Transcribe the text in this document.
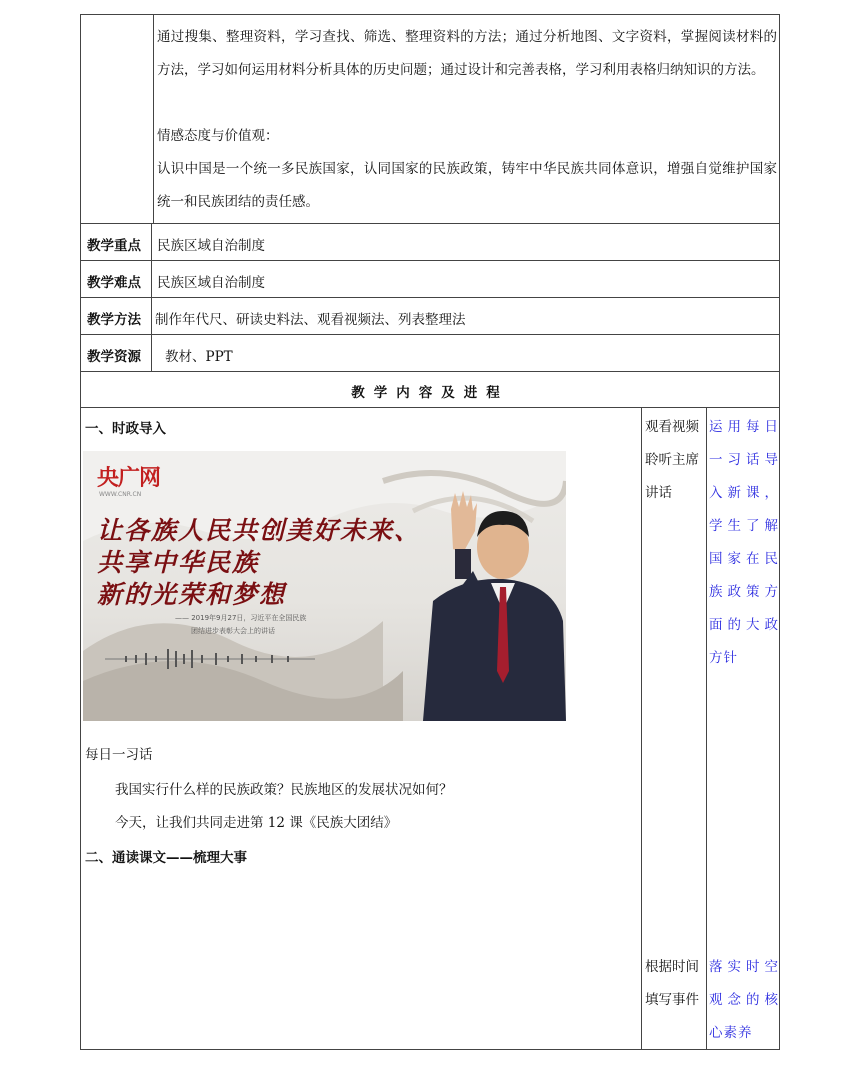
通过搜集、整理资料，学习查找、筛选、整理资料的方法；通过分析地图、文字资料，掌握阅读材料的方法，学习如何运用材料分析具体的历史问题；通过设计和完善表格，学习利用表格归纳知识的方法。
情感态度与价值观：
认识中国是一个统一多民族国家，认同国家的民族政策，铸牢中华民族共同体意识，增强自觉维护国家统一和民族团结的责任感。
教学重点 民族区域自治制度
教学难点 民族区域自治制度
教学方法 制作年代尺、研读史料法、观看视频法、列表整理法
教学资源 教材、PPT
教学内容及进程
一、时政导入
央广网
WWW.CNR.CN
让各族人民共创美好未来、
共享中华民族
新的光荣和梦想
—— 2019年9月27日，习近平在全国民族
团结进步表彰大会上的讲话
每日一习话
我国实行什么样的民族政策？民族地区的发展状况如何？
今天，让我们共同走进第 12 课《民族大团结》
二、通读课文——梳理大事
观看视频聆听主席讲话
运用每日一习话导入新课，学生了解国家在民族政策方面的大政方针
根据时间填写事件
落实时空观念的核心素养
